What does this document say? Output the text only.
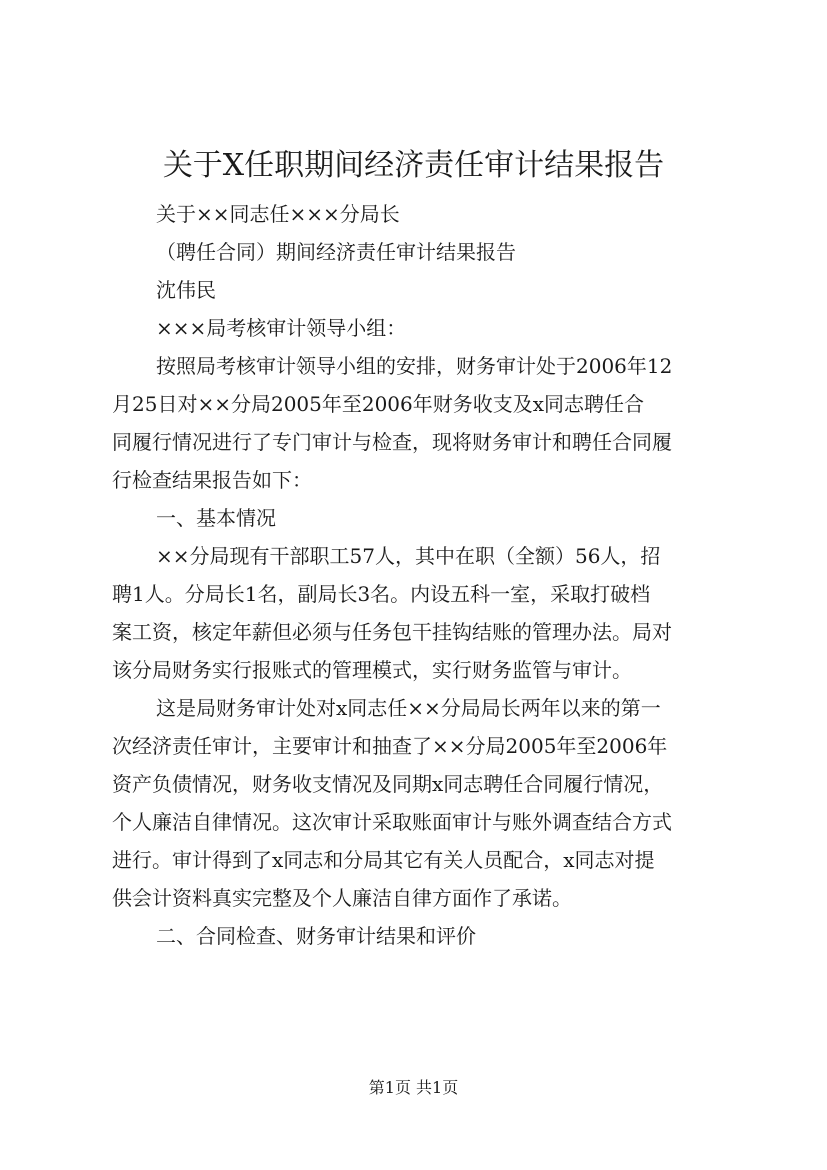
关于X任职期间经济责任审计结果报告

关于××同志任×××分局长

（聘任合同）期间经济责任审计结果报告

沈伟民

×××局考核审计领导小组：

按照局考核审计领导小组的安排，财务审计处于2006年12

月25日对××分局2005年至2006年财务收支及x同志聘任合

同履行情况进行了专门审计与检查，现将财务审计和聘任合同履

行检查结果报告如下：

一、基本情况

××分局现有干部职工57人，其中在职（全额）56人，招

聘1人。分局长1名，副局长3名。内设五科一室，采取打破档

案工资，核定年薪但必须与任务包干挂钩结账的管理办法。局对

该分局财务实行报账式的管理模式，实行财务监管与审计。

这是局财务审计处对x同志任××分局局长两年以来的第一

次经济责任审计，主要审计和抽查了××分局2005年至2006年

资产负债情况，财务收支情况及同期x同志聘任合同履行情况，

个人廉洁自律情况。这次审计采取账面审计与账外调查结合方式

进行。审计得到了x同志和分局其它有关人员配合，x同志对提

供会计资料真实完整及个人廉洁自律方面作了承诺。

二、合同检查、财务审计结果和评价

第1页 共1页
